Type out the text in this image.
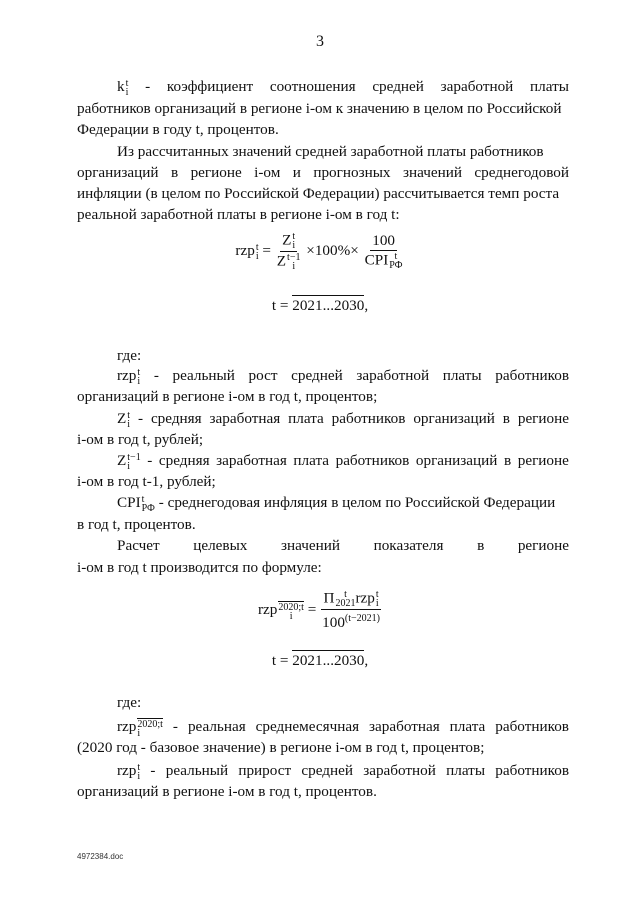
3
k t
i - коэффициент соотношения средней заработной платы
работников организаций в регионе i-ом к значению в целом по Российской
Федерации в году t, процентов.
Из рассчитанных значений средней заработной платы работников
организаций в регионе i-ом и прогнозных значений среднегодовой
инфляции (в целом по Российской Федерации) рассчитывается темп роста
реальной заработной платы в регионе i-ом в год t:
rzp t
i = Z t
i
Z t−1
i ×100%× 100
CPI t
РФ
t = 2021...2030,
где:
rzp t
i - реальный рост средней заработной платы работников
организаций в регионе i-ом в год t, процентов;
Z t
i - средняя заработная плата работников организаций в регионе
i-ом в год t, рублей;
Z t−1
i	- средняя заработная плата работников организаций в регионе
i-ом в год t-1, рублей;
CPI t
РФ - среднегодовая инфляция в целом по Российской Федерации
в год t, процентов.
Расчет целевых значений показателя в регионе
i-ом в год t производится по формуле:
rzp 2020;t
i = Π t
2021 rzp t
i
$100^{(t-2021)}$
t = 2021...2030,
где:
rzp 2020;t
i	- реальная среднемесячная заработная плата работников
(2020 год - базовое значение) в регионе i-ом в год t, процентов;
rzp t
i - реальный прирост средней заработной платы работников
организаций в регионе i-ом в год t, процентов.
4972384.doc
